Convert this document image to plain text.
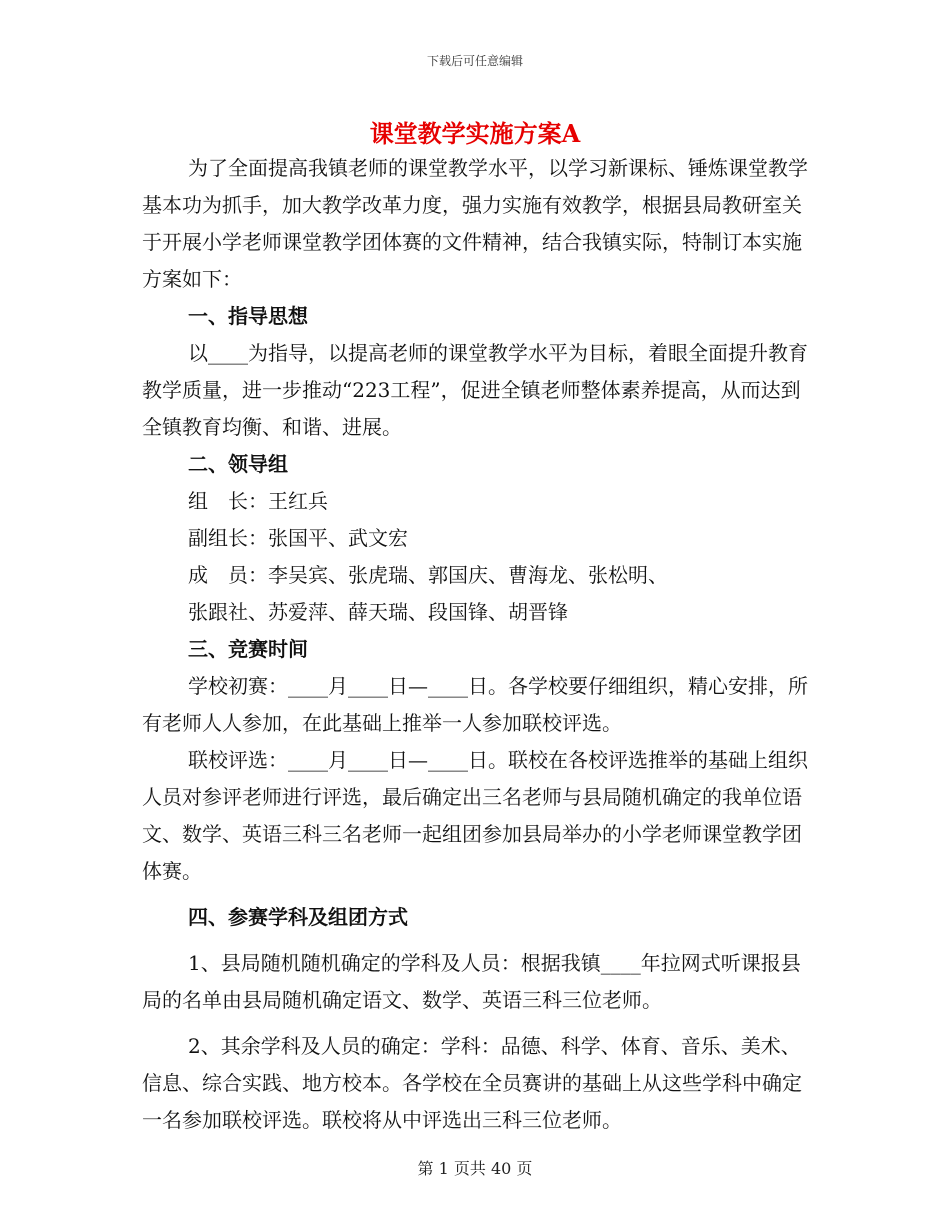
下载后可任意编辑
课堂教学实施方案A

为了全面提高我镇老师的课堂教学水平，以学习新课标、锤炼课堂教学基本功为抓手，加大教学改革力度，强力实施有效教学，根据县局教研室关于开展小学老师课堂教学团体赛的文件精神，结合我镇实际，特制订本实施方案如下：

一、指导思想

以____为指导，以提高老师的课堂教学水平为目标，着眼全面提升教育教学质量，进一步推动“223工程”，促进全镇老师整体素养提高，从而达到全镇教育均衡、和谐、进展。

二、领导组

组　长：王红兵

副组长：张国平、武文宏

成　员：李吴宾、张虎瑞、郭国庆、曹海龙、张松明、

张跟社、苏爱萍、薛天瑞、段国锋、胡晋锋

三、竞赛时间

学校初赛：____月____日—____日。各学校要仔细组织，精心安排，所有老师人人参加，在此基础上推举一人参加联校评选。

联校评选：____月____日—____日。联校在各校评选推举的基础上组织人员对参评老师进行评选，最后确定出三名老师与县局随机确定的我单位语文、数学、英语三科三名老师一起组团参加县局举办的小学老师课堂教学团体赛。

四、参赛学科及组团方式

1、县局随机随机确定的学科及人员：根据我镇____年拉网式听课报县局的名单由县局随机确定语文、数学、英语三科三位老师。

2、其余学科及人员的确定：学科：品德、科学、体育、音乐、美术、信息、综合实践、地方校本。各学校在全员赛讲的基础上从这些学科中确定一名参加联校评选。联校将从中评选出三科三位老师。

第 1 页共 40 页
